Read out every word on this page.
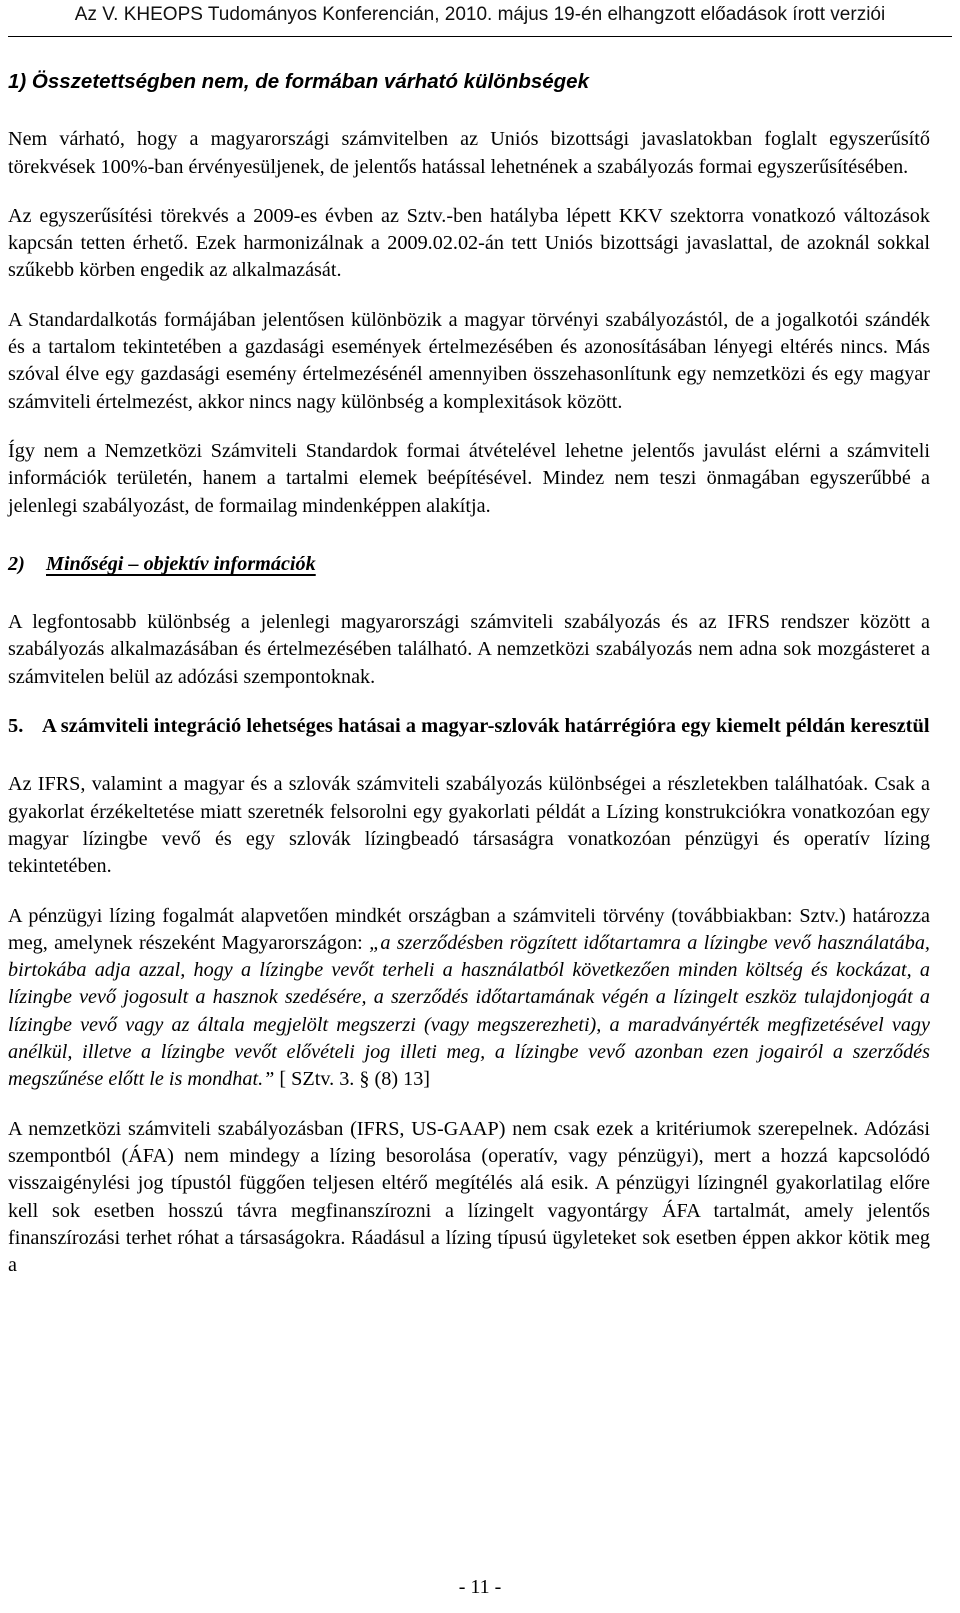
Az V. KHEOPS Tudományos Konferencián, 2010. május 19-én elhangzott előadások írott verziói

1) Összetettségben nem, de formában várható különbségek

Nem várható, hogy a magyarországi számvitelben az Uniós bizottsági javaslatokban foglalt egyszerűsítő törekvések 100%-ban érvényesüljenek, de jelentős hatással lehetnének a szabályozás formai egyszerűsítésében.

Az egyszerűsítési törekvés a 2009-es évben az Sztv.-ben hatályba lépett KKV szektorra vonatkozó változások kapcsán tetten érhető. Ezek harmonizálnak a 2009.02.02-án tett Uniós bizottsági javaslattal, de azoknál sokkal szűkebb körben engedik az alkalmazását.

A Standardalkotás formájában jelentősen különbözik a magyar törvényi szabályozástól, de a jogalkotói szándék és a tartalom tekintetében a gazdasági események értelmezésében és azonosításában lényegi eltérés nincs. Más szóval élve egy gazdasági esemény értelmezésénél amennyiben összehasonlítunk egy nemzetközi és egy magyar számviteli értelmezést, akkor nincs nagy különbség a komplexitások között.

Így nem a Nemzetközi Számviteli Standardok formai átvételével lehetne jelentős javulást elérni a számviteli információk területén, hanem a tartalmi elemek beépítésével. Mindez nem teszi önmagában egyszerűbbé a jelenlegi szabályozást, de formailag mindenképpen alakítja.

2) Minőségi – objektív információk

A legfontosabb különbség a jelenlegi magyarországi számviteli szabályozás és az IFRS rendszer között a szabályozás alkalmazásában és értelmezésében található. A nemzetközi szabályozás nem adna sok mozgásteret a számvitelen belül az adózási szempontoknak.

5. A számviteli integráció lehetséges hatásai a magyar-szlovák határrégióra egy kiemelt példán keresztül

Az IFRS, valamint a magyar és a szlovák számviteli szabályozás különbségei a részletekben találhatóak. Csak a gyakorlat érzékeltetése miatt szeretnék felsorolni egy gyakorlati példát a Lízing konstrukciókra vonatkozóan egy magyar lízingbe vevő és egy szlovák lízingbeadó társaságra vonatkozóan pénzügyi és operatív lízing tekintetében.

A pénzügyi lízing fogalmát alapvetően mindkét országban a számviteli törvény (továbbiakban: Sztv.) határozza meg, amelynek részeként Magyarországon: „a szerződésben rögzített időtartamra a lízingbe vevő használatába, birtokába adja azzal, hogy a lízingbe vevőt terheli a használatból következően minden költség és kockázat, a lízingbe vevő jogosult a hasznok szedésére, a szerződés időtartamának végén a lízingelt eszköz tulajdonjogát a lízingbe vevő vagy az általa megjelölt megszerzi (vagy megszerezheti), a maradványérték megfizetésével vagy anélkül, illetve a lízingbe vevőt elővételi jog illeti meg, a lízingbe vevő azonban ezen jogairól a szerződés megszűnése előtt le is mondhat.” [ SZtv. 3. § (8) 13]

A nemzetközi számviteli szabályozásban (IFRS, US-GAAP) nem csak ezek a kritériumok szerepelnek. Adózási szempontból (ÁFA) nem mindegy a lízing besorolása (operatív, vagy pénzügyi), mert a hozzá kapcsolódó visszaigénylési jog típustól függően teljesen eltérő megítélés alá esik. A pénzügyi lízingnél gyakorlatilag előre kell sok esetben hosszú távra megfinanszírozni a lízingelt vagyontárgy ÁFA tartalmát, amely jelentős finanszírozási terhet róhat a társaságokra. Ráadásul a lízing típusú ügyleteket sok esetben éppen akkor kötik meg a

- 11 -
